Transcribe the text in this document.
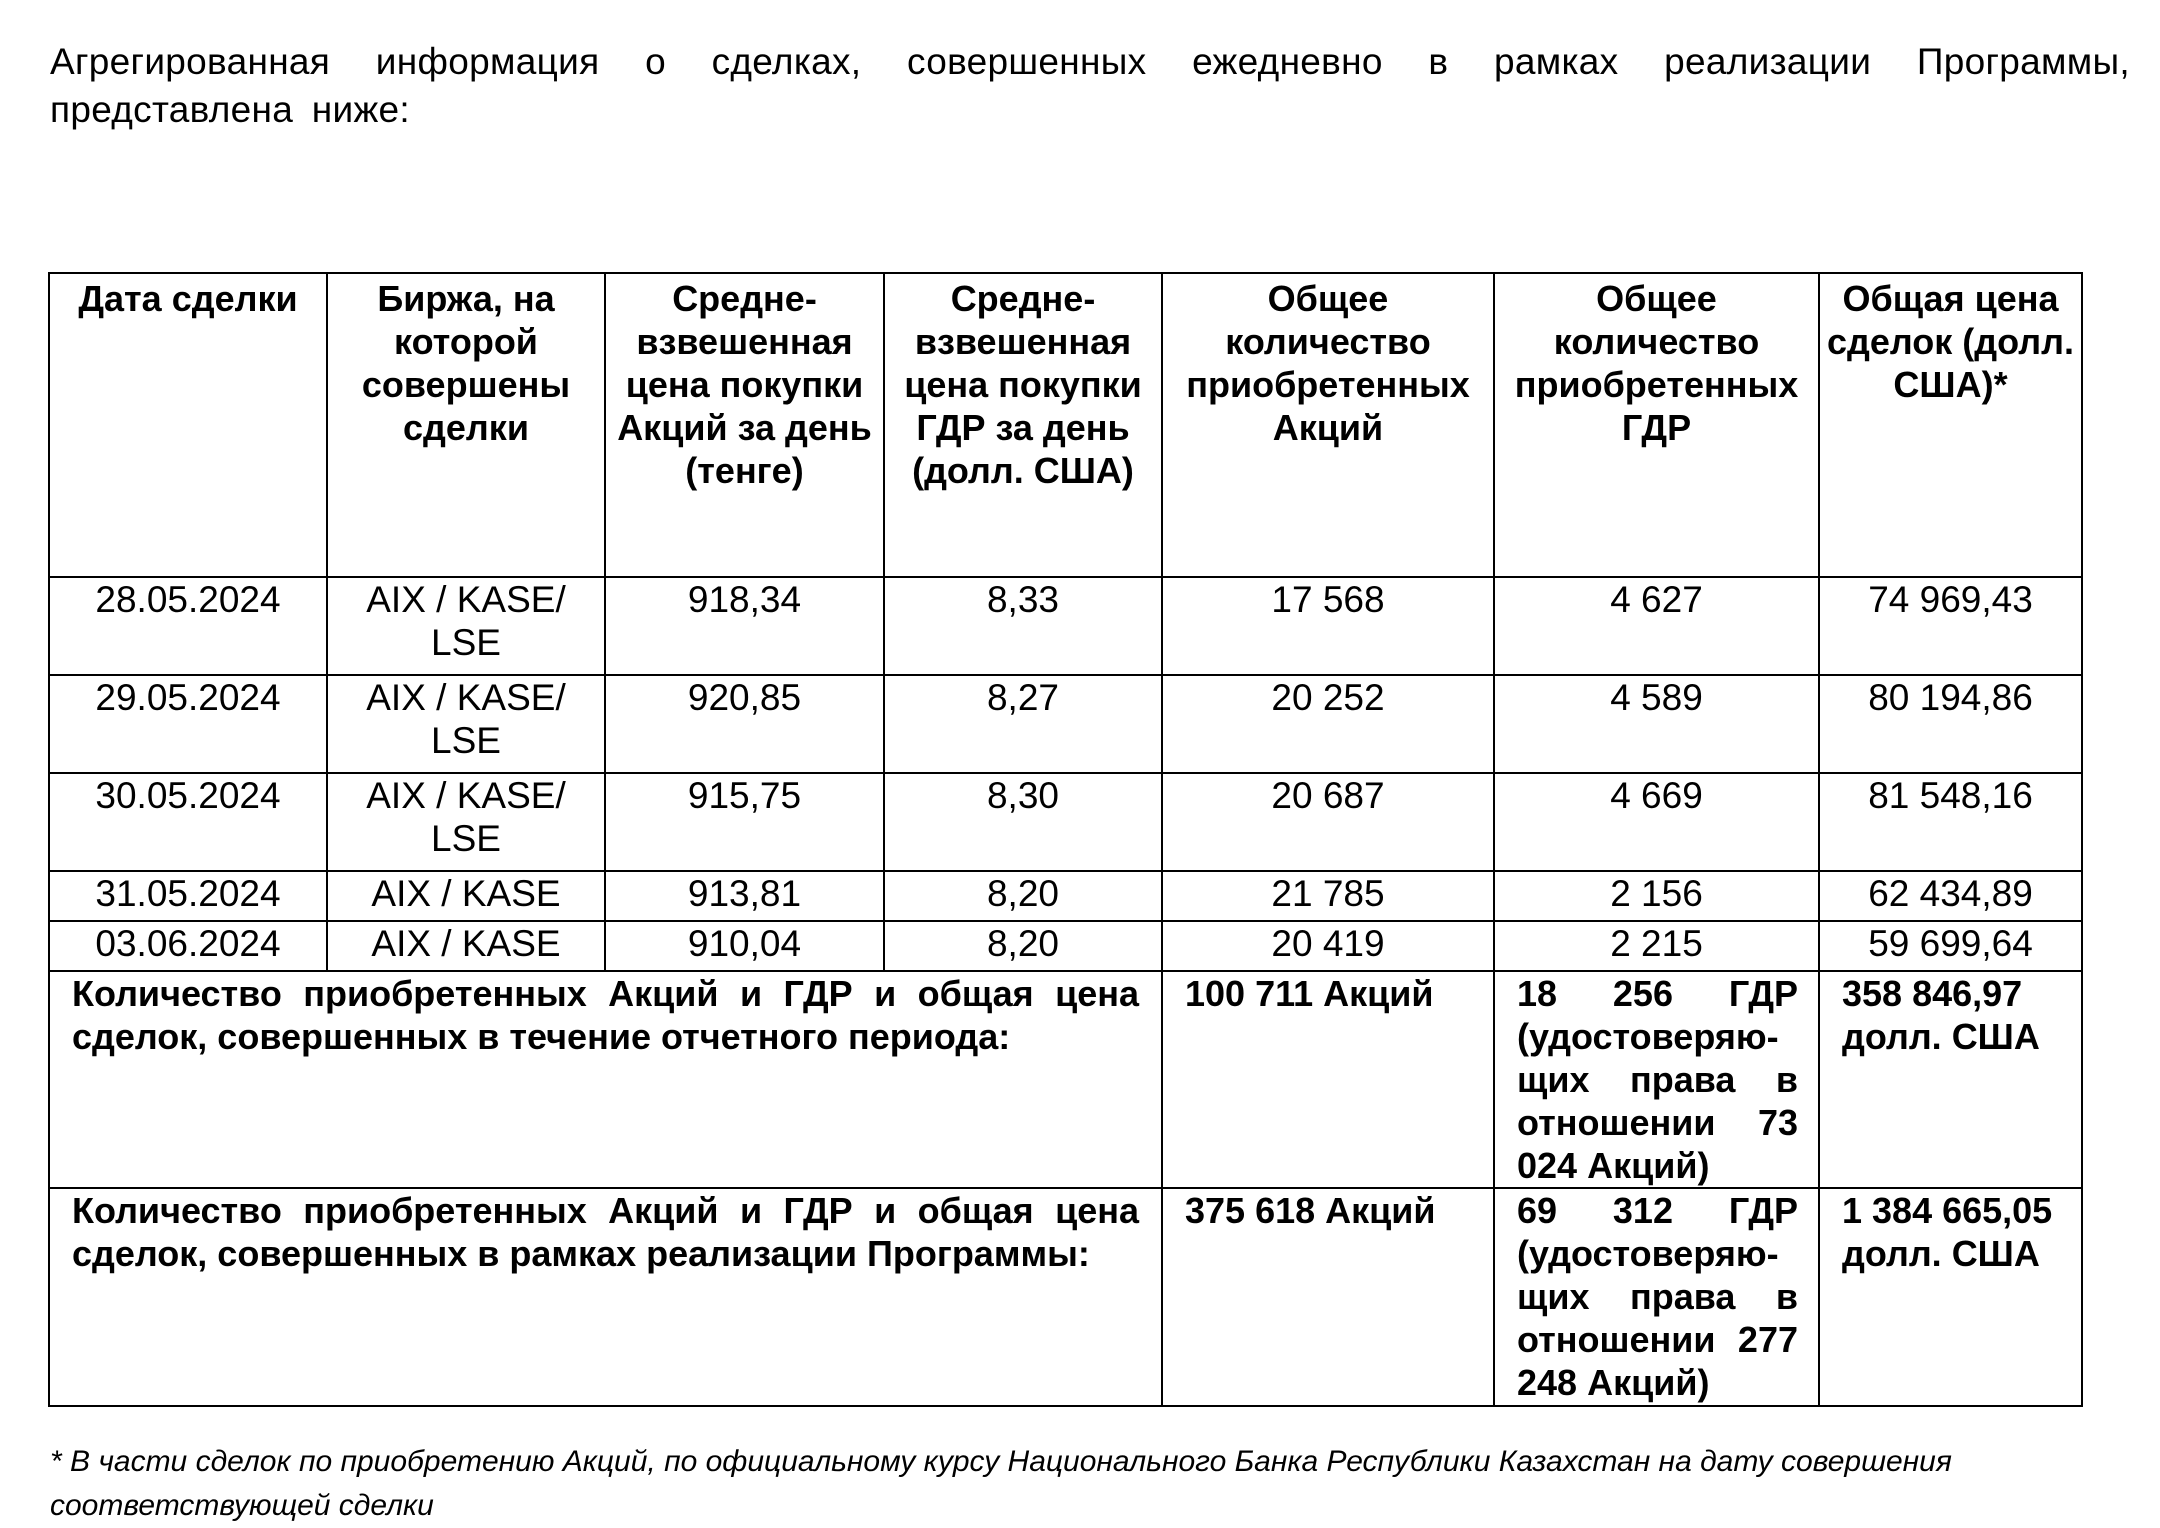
Агрегированная информация о сделках, совершенных ежедневно в рамках реализации Программы, представлена ниже:
Дата сделки	Биржа, на которой совершены сделки	Средне-взвешенная цена покупки Акций за день (тенге)	Средне-взвешенная цена покупки ГДР за день (долл. США)	Общее количество приобретенных Акций	Общее количество приобретенных ГДР	Общая цена сделок (долл. США)*
28.05.2024	AIX / KASE/ LSE	918,34	8,33	17 568	4 627	74 969,43
29.05.2024	AIX / KASE/ LSE	920,85	8,27	20 252	4 589	80 194,86
30.05.2024	AIX / KASE/ LSE	915,75	8,30	20 687	4 669	81 548,16
31.05.2024	AIX / KASE	913,81	8,20	21 785	2 156	62 434,89
03.06.2024	AIX / KASE	910,04	8,20	20 419	2 215	59 699,64
Количество приобретенных Акций и ГДР и общая цена сделок, совершенных в течение отчетного периода:				100 711 Акций	18 256 ГДР (удостоверяю-щих права в отношении 73 024 Акций)	358 846,97 долл. США
Количество приобретенных Акций и ГДР и общая цена сделок, совершенных в рамках реализации Программы:				375 618 Акций	69 312 ГДР (удостоверяю-щих права в отношении 277 248 Акций)	1 384 665,05 долл. США
* В части сделок по приобретению Акций, по официальному курсу Национального Банка Республики Казахстан на дату совершения соответствующей сделки
